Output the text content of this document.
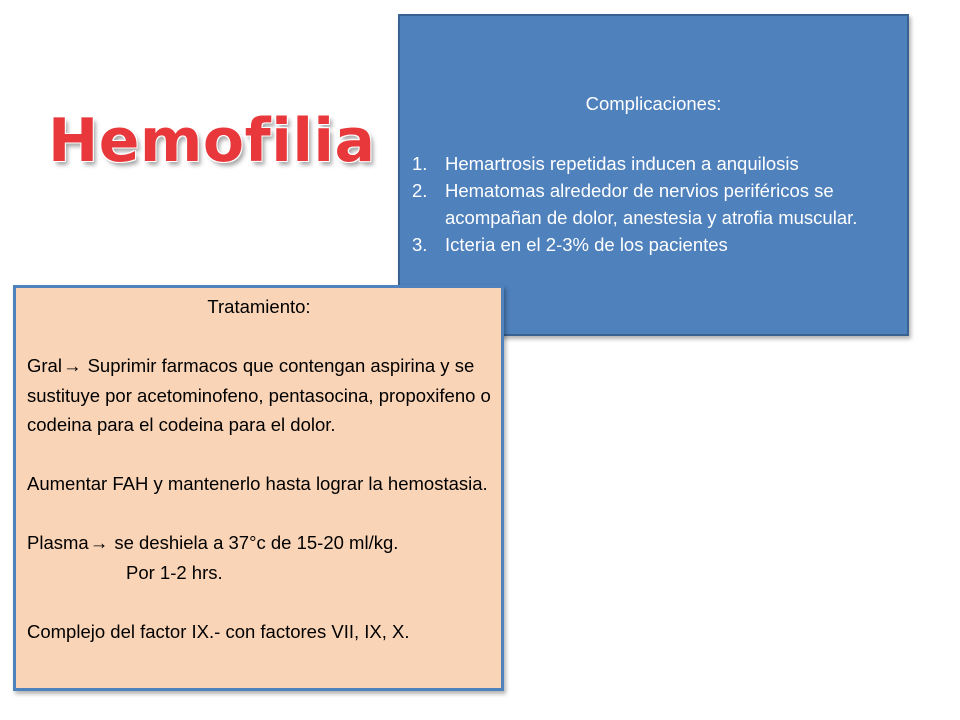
Hemofilia
Complicaciones:
1. Hemartrosis repetidas inducen a anquilosis
2. Hematomas alrededor de nervios periféricos se acompañan de dolor, anestesia y atrofia muscular.
3. Icteria en el 2-3% de los pacientes
Tratamiento:

Gral→ Suprimir farmacos que contengan aspirina y se sustituye por acetominofeno, pentasocina, propoxifeno o codeina para el codeina para el dolor.

Aumentar FAH y mantenerlo hasta lograr la hemostasia.

Plasma→ se deshiela a 37°c de 15-20 ml/kg.

Por 1-2 hrs.

Complejo del factor IX.- con factores VII, IX, X.
